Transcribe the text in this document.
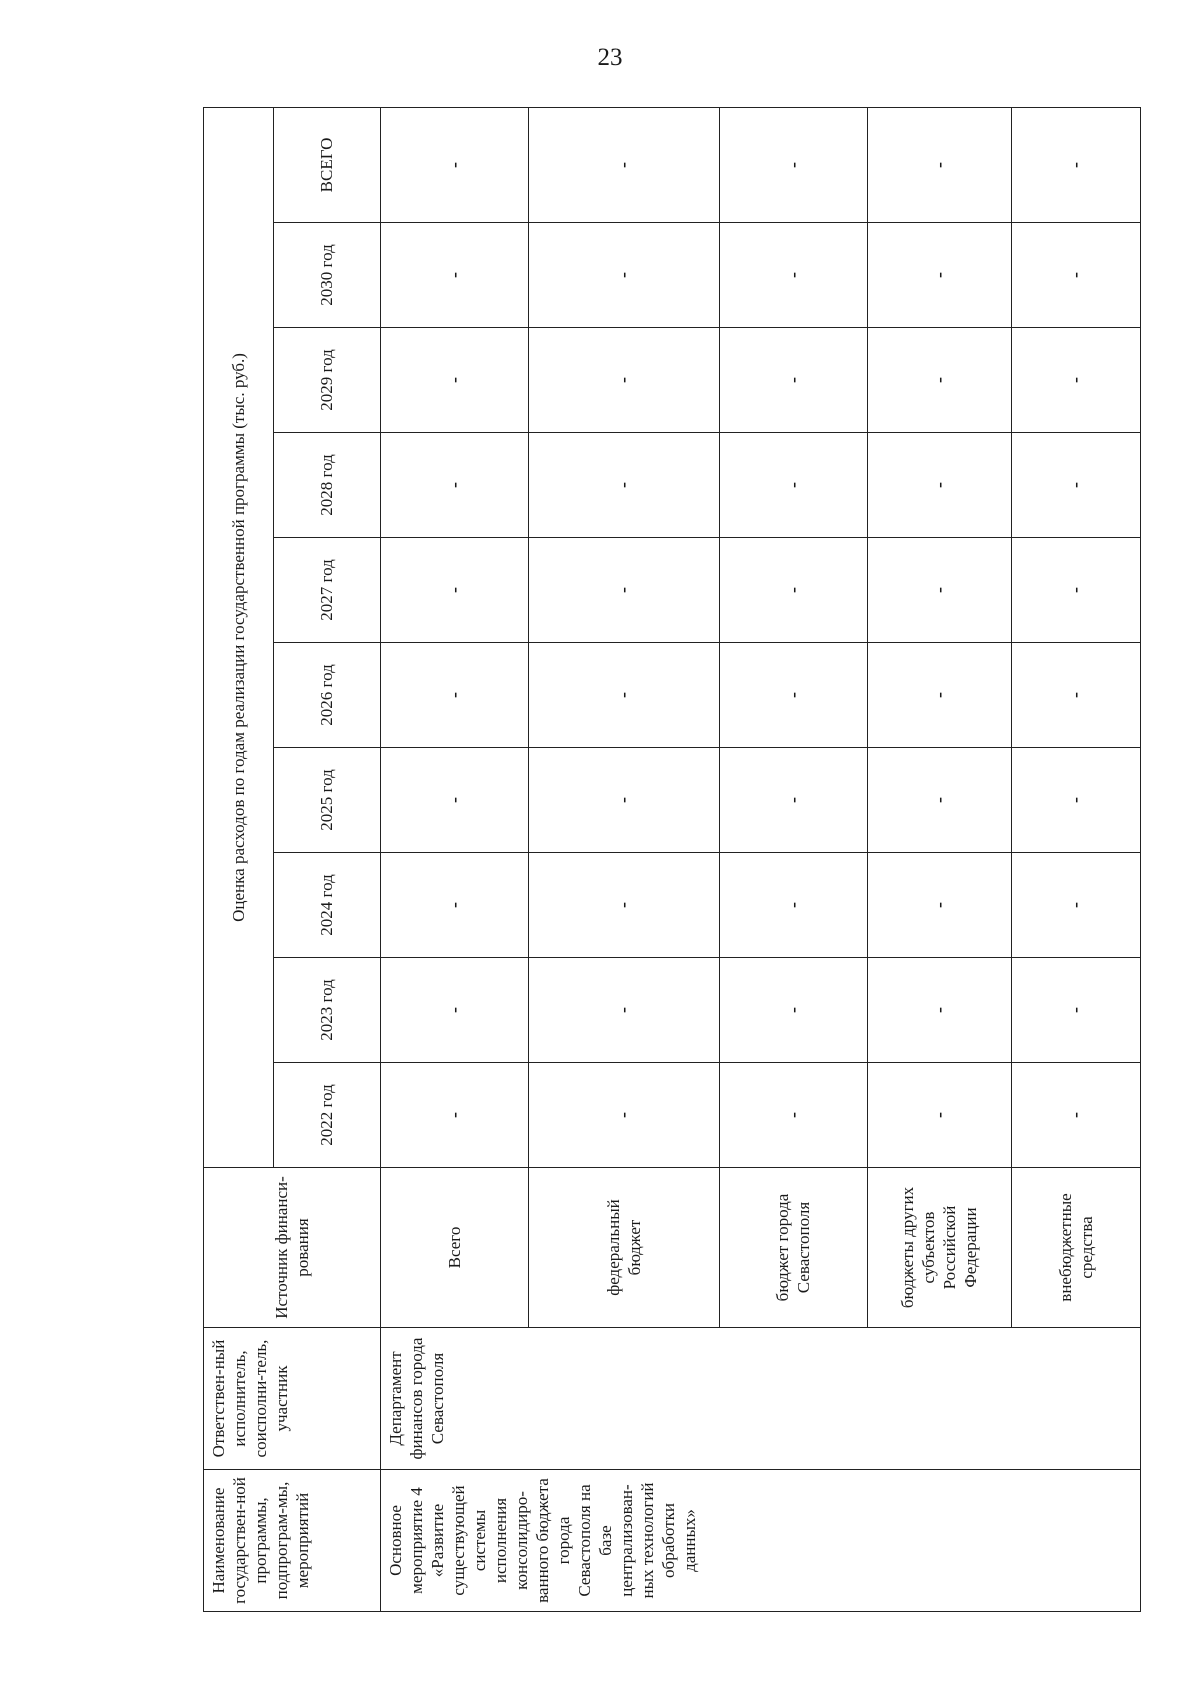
23
Наименование государствен-ной программы, подпрограм-мы, мероприятий	Ответствен-ный исполнитель, соисполни-тель, участник	Источник финанси-рования	Оценка расходов по годам реализации государственной программы (тыс. руб.)									
			2022 год	2023 год	2024 год	2025 год	2026 год	2027 год	2028 год	2029 год	2030 год	ВСЕГО
Основное мероприятие 4 «Развитие существующей системы исполнения консолидиро-ванного бюджета города Севастополя на базе централизован-ных технологий обработки данных»	Департамент финансов города Севастополя	Всего	-	-	-	-	-	-	-	-	-	-
		федеральный бюджет	-	-	-	-	-	-	-	-	-	-
		бюджет города Севастополя	-	-	-	-	-	-	-	-	-	-
		бюджеты других субъектов Российской Федерации	-	-	-	-	-	-	-	-	-	-
		внебюджетные средства	-	-	-	-	-	-	-	-	-	-
